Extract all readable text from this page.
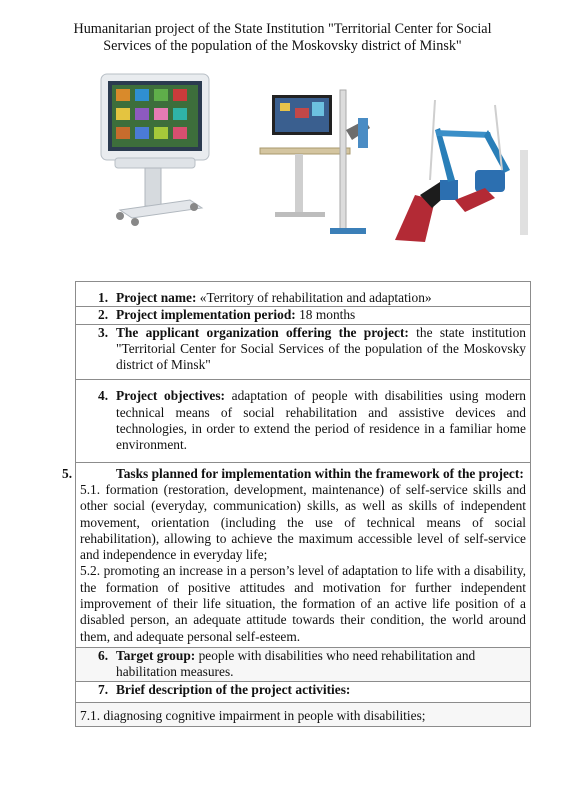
Humanitarian project of the State Institution "Territorial Center for Social
Services of the population of the Moskovsky district of Minsk"
1. Project name: «Territory of rehabilitation and adaptation»

2. Project implementation period: 18 months

3. The applicant organization offering the project: the state institution "Territorial Center for Social Services of the population of the Moskovsky district of Minsk"

4. Project objectives: adaptation of people with disabilities using modern technical means of social rehabilitation and assistive devices and technologies, in order to extend the period of residence in a familiar home environment.

5.	Tasks planned for implementation within the framework of the project:
5.1. formation (restoration, development, maintenance) of self-service skills and other social (everyday, communication) skills, as well as skills of independent movement, orientation (including the use of technical means of social rehabilitation), allowing to achieve the maximum accessible level of self-service and independence in everyday life;
5.2. promoting an increase in a person’s level of adaptation to life with a disability, the formation of positive attitudes and motivation for further independent improvement of their life situation, the formation of an active life position of a disabled person, an adequate attitude towards their condition, the world around them, and adequate personal self-esteem.

6. Target group: people with disabilities who need rehabilitation and habilitation measures.

7. Brief description of the project activities:

7.1. diagnosing cognitive impairment in people with disabilities;
